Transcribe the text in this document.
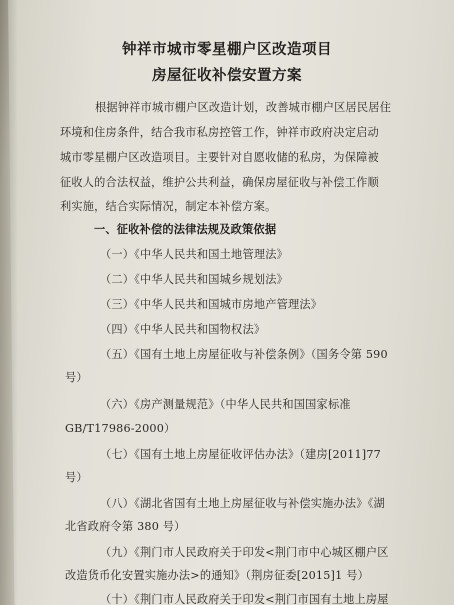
钟祥市城市零星棚户区改造项目
房屋征收补偿安置方案
根据钟祥市城市棚户区改造计划，改善城市棚户区居民居住
环境和住房条件，结合我市私房控管工作，钟祥市政府决定启动
城市零星棚户区改造项目。主要针对自愿收储的私房，为保障被
征收人的合法权益，维护公共利益，确保房屋征收与补偿工作顺
利实施，结合实际情况，制定本补偿方案。
一、征收补偿的法律法规及政策依据
（一）《中华人民共和国土地管理法》
（二）《中华人民共和国城乡规划法》
（三）《中华人民共和国城市房地产管理法》
（四）《中华人民共和国物权法》
（五）《国有土地上房屋征收与补偿条例》（国务令第 590
号）
（六）《房产测量规范》（中华人民共和国国家标准
GB/T17986-2000）
（七）《国有土地上房屋征收评估办法》（建房[2011]77
号）
（八）《湖北省国有土地上房屋征收与补偿实施办法》《湖
北省政府令第 380 号）
（九）《荆门市人民政府关于印发<荆门市中心城区棚户区
改造货币化安置实施办法>的通知》（荆房征委[2015]1 号）
（十）《荆门市人民政府关于印发<荆门市国有土地上房屋
